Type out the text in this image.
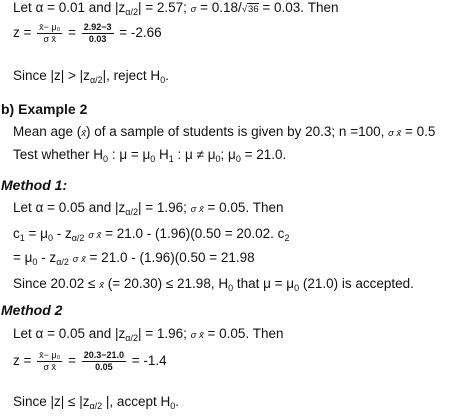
Let α = 0.01 and $|z_{\alpha/2}| = 2.57$; σ = 0.18/√36 = 0.03. Then
$z = \frac{\text{x̄− μ₀}}{\text{σ x̄}} = \frac{2.92-3}{0.03} = -2.66$
Since $|z| > |z_{\alpha/2}|$, reject $H_0$.
b) Example 2
Mean age (x̄) of a sample of students is given by 20.3; n =100, σ x̄ = 0.5
Test whether $H_0$ : $\mu = \mu_0$ $H_1$ : $\mu \ne \mu_0$; $\mu_0 = 21.0$.
Method 1:
Let α = 0.05 and $|z_{\alpha/2}| = 1.96$; σ x̄ = 0.05. Then
$c_1 = \mu_0 - z_{\alpha/2}$ σ x̄ = 21.0 - (1.96)(0.50 = 20.02. $c_2$
= $\mu_0 - z_{\alpha/2}$ σ x̄ = 21.0 - (1.96)(0.50 = 21.98
Since 20.02 ≤ x̄ (= 20.30) ≤ 21.98, $H_0$ that $\mu = \mu_0$ (21.0) is accepted.
Method 2
Let α = 0.05 and $|z_{\alpha/2}| = 1.96$; σ x̄ = 0.05. Then
$z = \frac{\text{x̄− μ₀}}{\text{σ x̄}} = \frac{20.3-21.0}{0.05} = -1.4$
Since $|z| \le |z_{\alpha/2}$ |, accept $H_0$.
